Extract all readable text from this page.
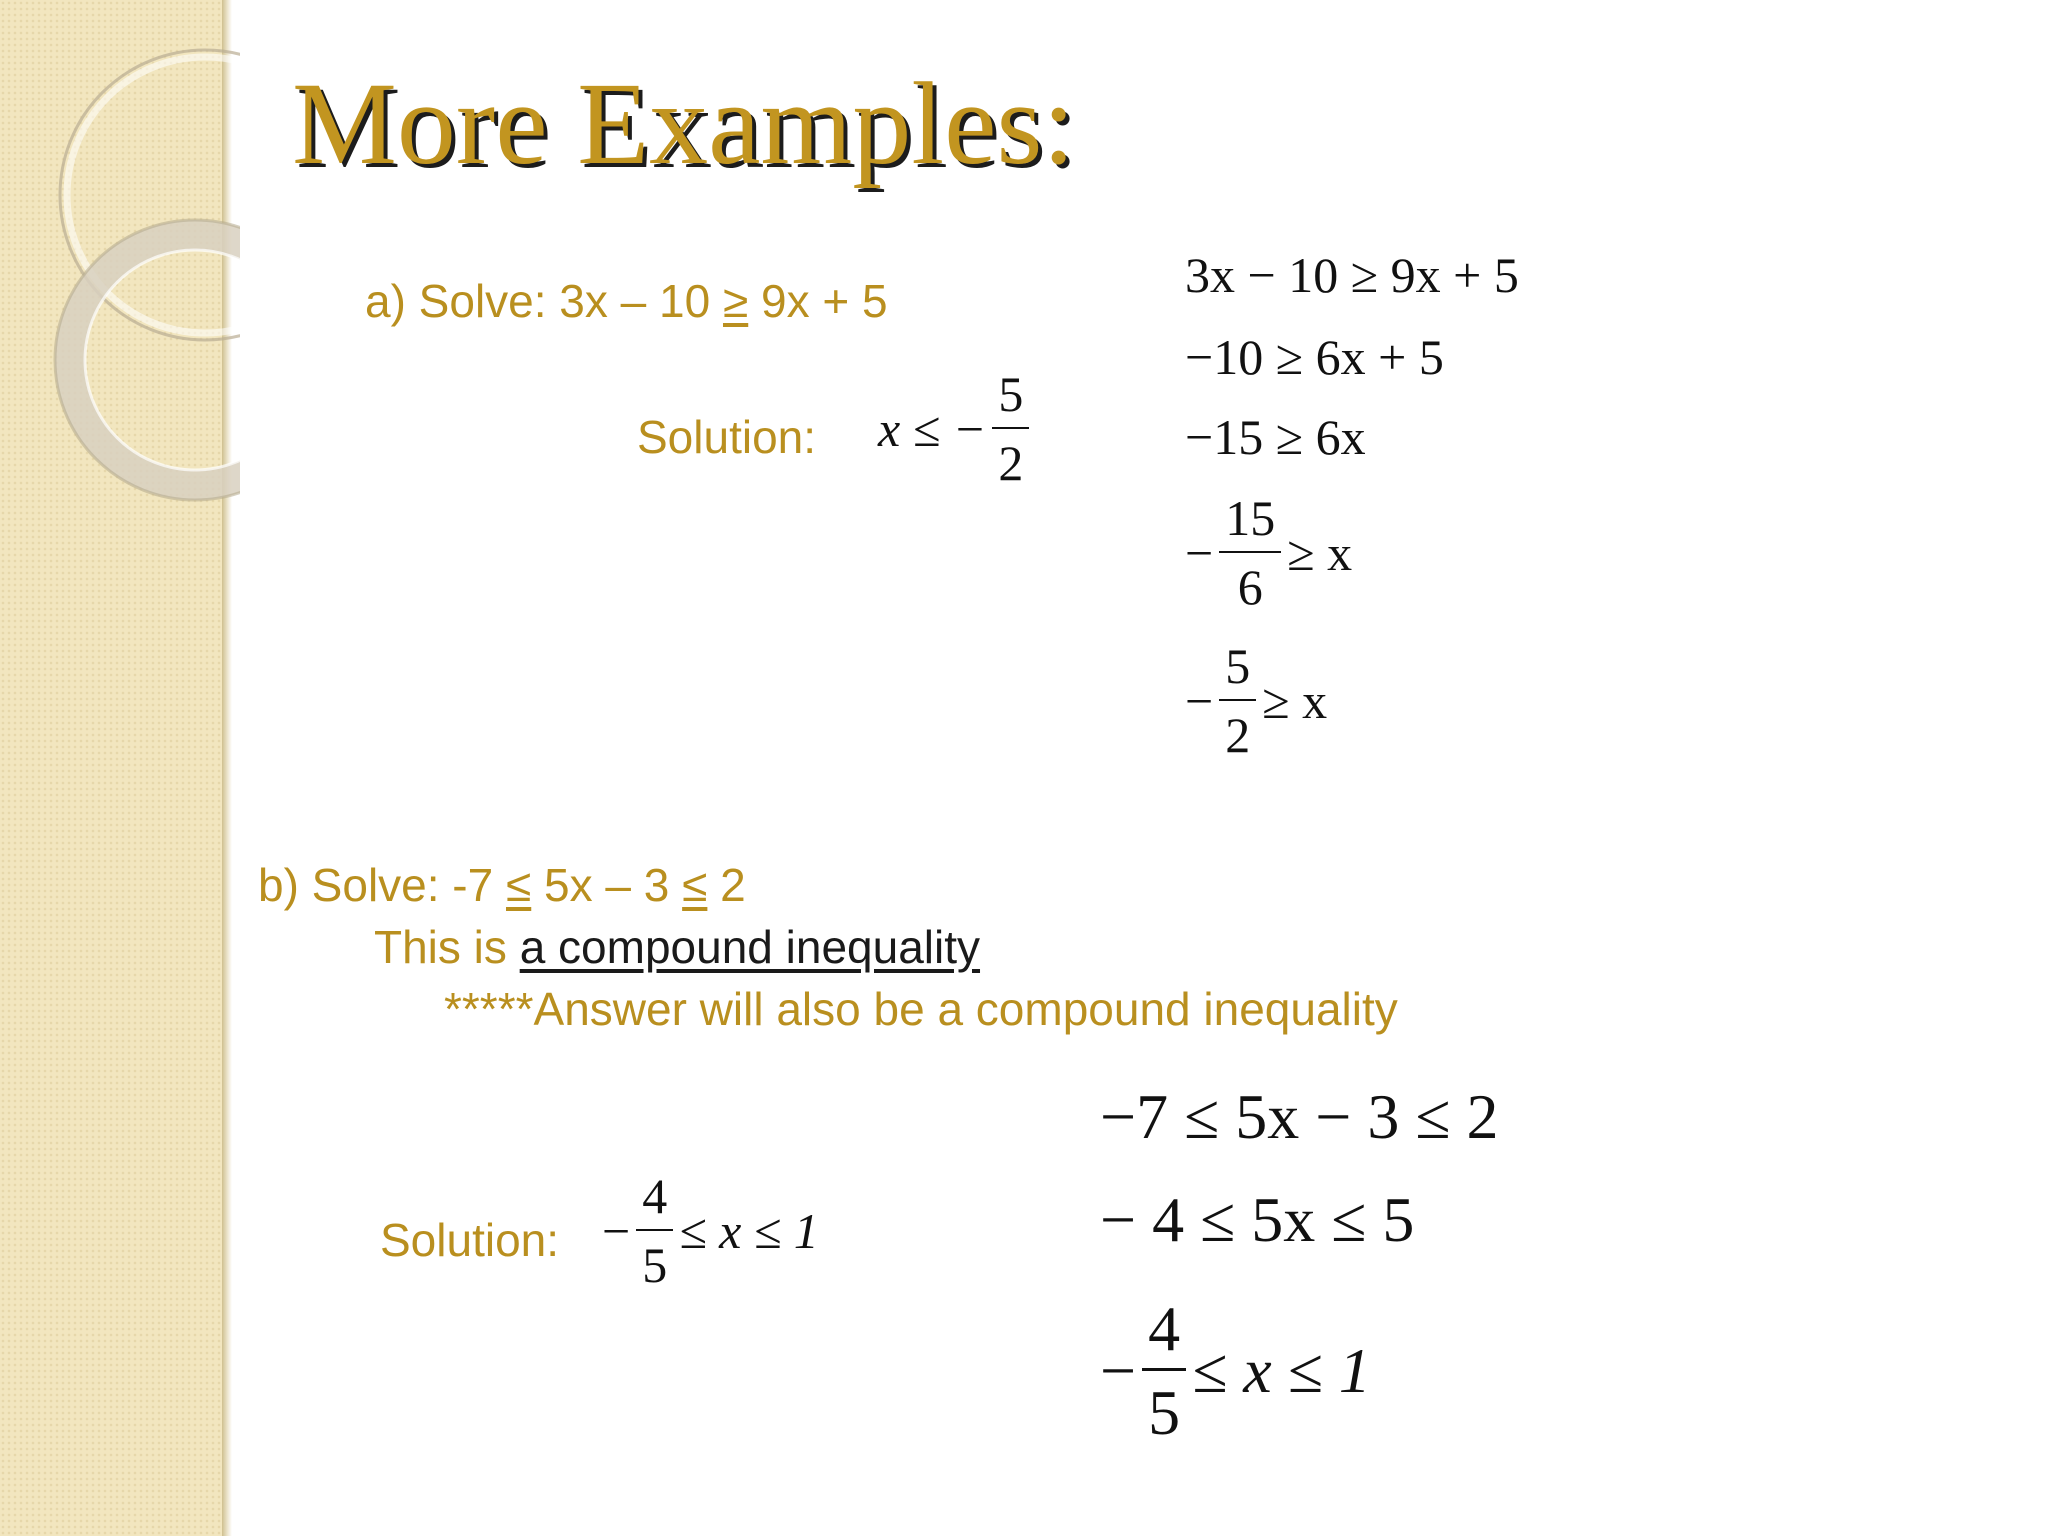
More Examples:
a) Solve: 3x – 10 ≥ 9x + 5
Solution: x ≤ − $\frac{5}{2}$
3x − 10 ≥ 9x + 5
−10 ≥ 6x + 5
−15 ≥ 6x
− $\frac{15}{6} \ge x$
− $\frac{5}{2} \ge x$
b) Solve: -7 ≤ 5x – 3 ≤ 2
This is a compound inequality
*****Answer will also be a compound inequality
Solution: − $\frac{4}{5} \le x \le 1$
−7 ≤ 5x − 3 ≤ 2
− 4 ≤ 5x ≤ 5
− $\frac{4}{5} \le x \le 1$
